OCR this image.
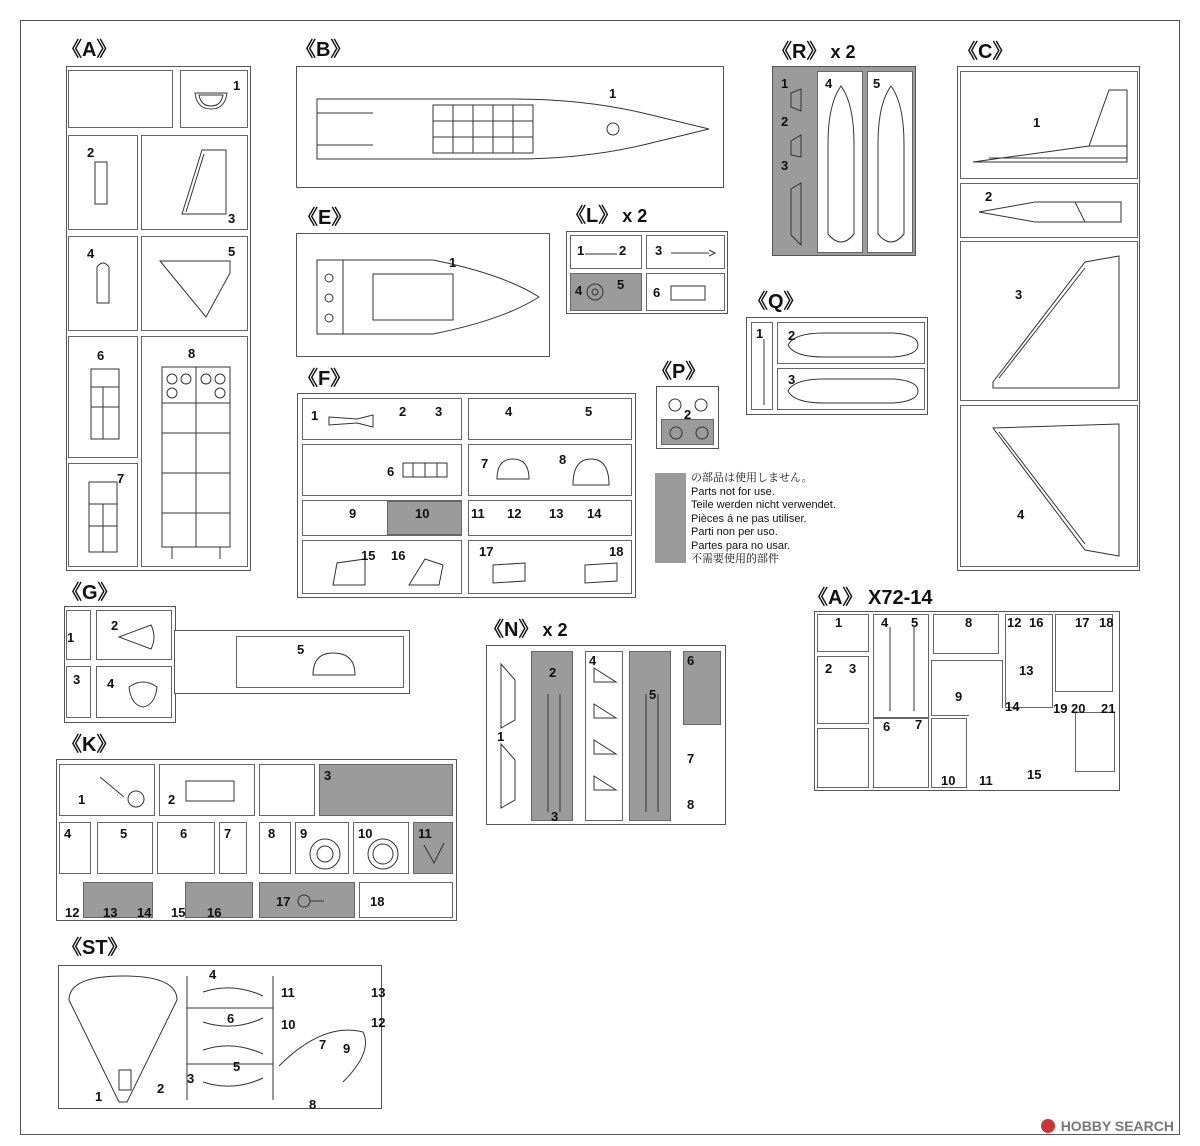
《A》
1
2
3
4	5
6
7
8
《B》
1
《R》 x 2
1
2
3
4	5
《C》
1
2
3
4
《E》
1
《L》 x 2
1	2 3
4	5
6	《Q》
1 2
3
《P》
2
の部品は使用しません。
Parts not for use.
Teile werden nicht verwendet.
Pièces á ne pas utiliser.
Parti non per uso.
Partes para no usar.
不需要使用的部件
《F》
1	2 3	4	5
6
7	8
9	10	11 12 13 14
15 16	17	18
《G》
1
2
3 4
5
《N》 x 2
1
2
3
4
5
6
7
8
《A》 X72-14
1
2 3
4 5
6 7
8
9
10 11
12
13
14
15
16 17 18
19 20 21
《K》
1	2
3
4	5	6	7	8 9	10	11
17	18
12 13 14 15 16
《ST》
1
2
3
4
5
6
7
8
9
10
11
12
13
HOBBY SEARCH
